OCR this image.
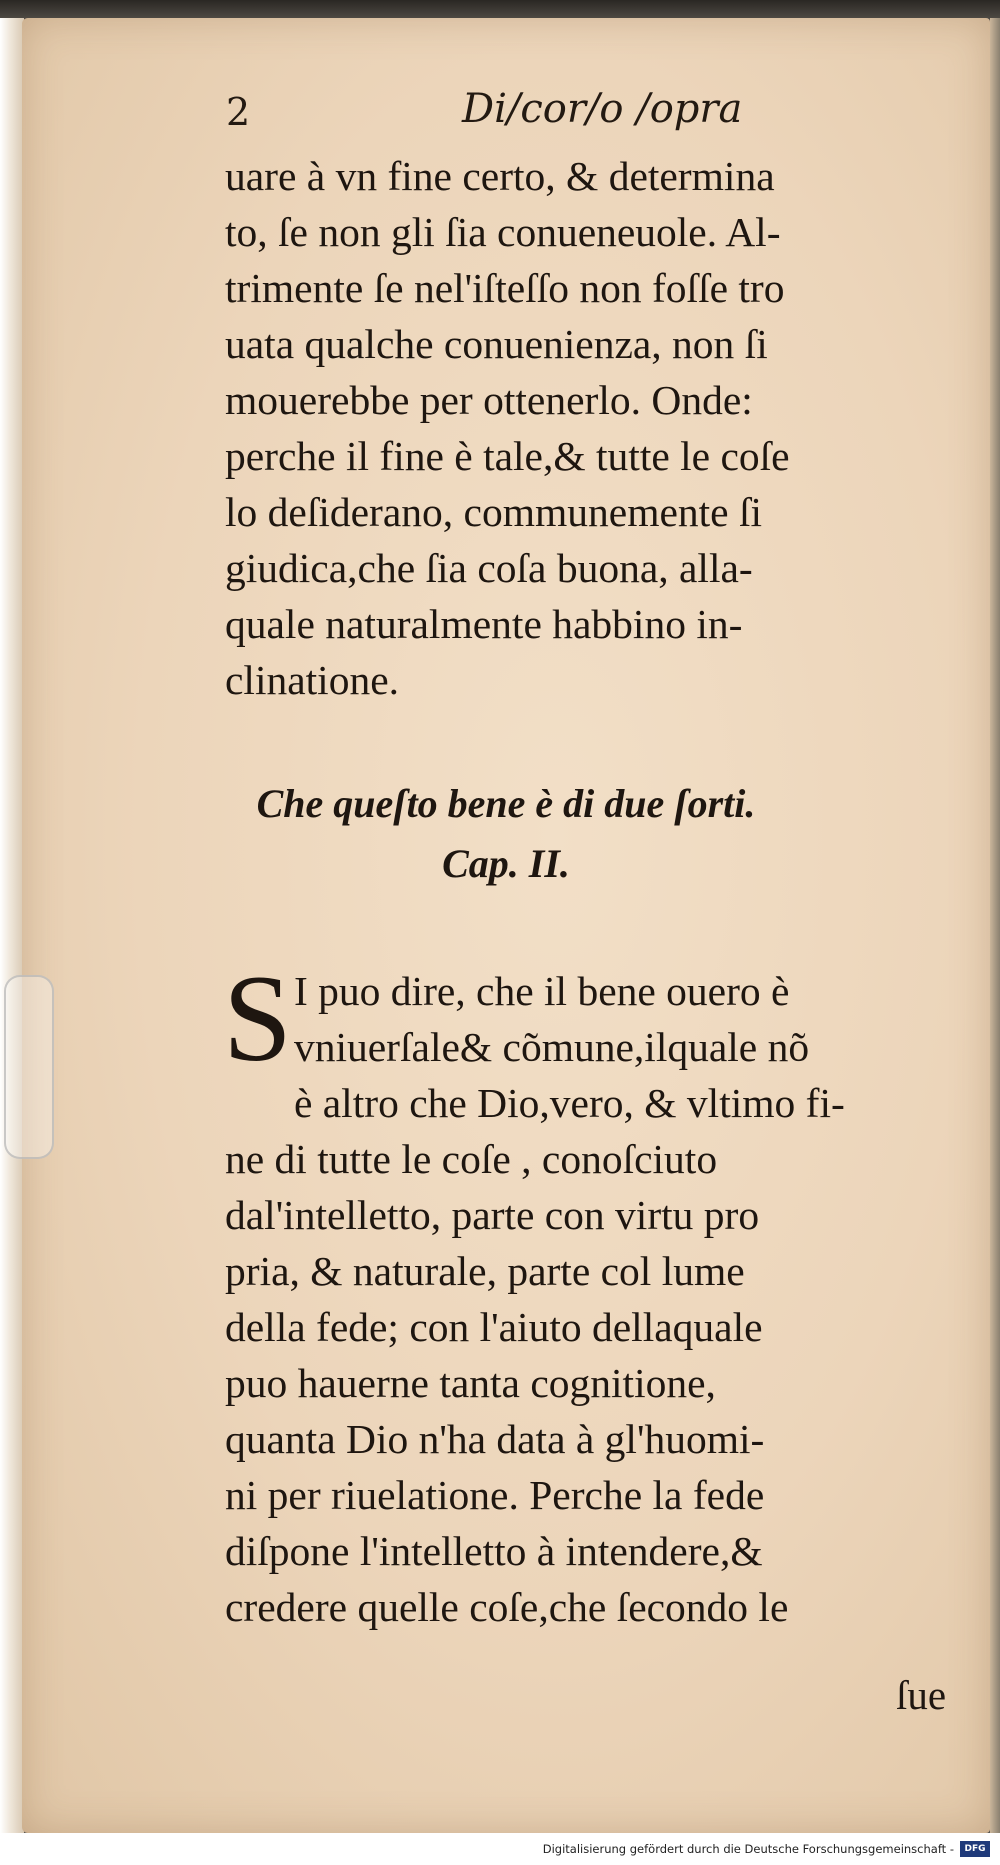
2	Di/cor/o /opra
uare à vn fine certo, & determina
to, ſe non gli ſia conueneuole. Al-
trimente ſe nel'iſteſſo non foſſe tro
uata qualche conuenienza, non ſi
mouerebbe per ottenerlo. Onde:
perche il fine è tale,& tutte le coſe
lo deſiderano, communemente ſi
giudica,che ſia coſa buona, alla-
quale naturalmente habbino in-
clinatione.
Che queſto bene è di due ſorti.
Cap. II.
S I puo dire, che il bene ouero è
vniuerſale& cõmune,ilquale nõ
è altro che Dio,vero, & vltimo fi-
ne di tutte le coſe , conoſciuto
dal'intelletto, parte con virtu pro
pria, & naturale, parte col lume
della fede; con l'aiuto dellaquale
puo hauerne tanta cognitione,
quanta Dio n'ha data à gl'huomi-
ni per riuelatione. Perche la fede
diſpone l'intelletto à intendere,&
credere quelle coſe,che ſecondo le
ſue
Digitalisierung gefördert durch die Deutsche Forschungsgemeinschaft -	DFG
